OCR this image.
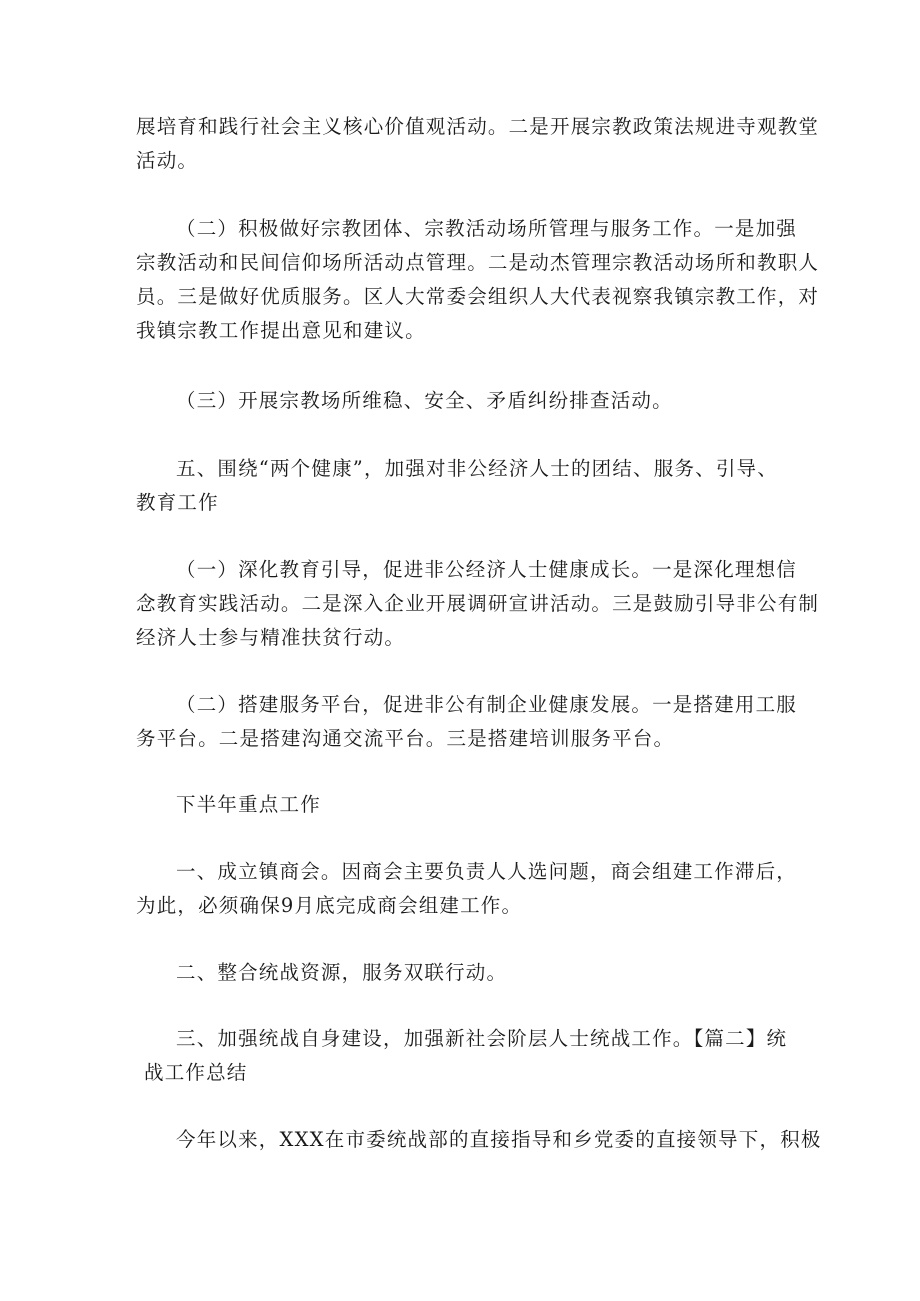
展培育和践行社会主义核心价值观活动。二是开展宗教政策法规进寺观教堂
活动。
（二）积极做好宗教团体、宗教活动场所管理与服务工作。一是加强
宗教活动和民间信仰场所活动点管理。二是动杰管理宗教活动场所和教职人
员。三是做好优质服务。区人大常委会组织人大代表视察我镇宗教工作，对
我镇宗教工作提出意见和建议。
（三）开展宗教场所维稳、安全、矛盾纠纷排查活动。
五、围绕“两个健康”，加强对非公经济人士的团结、服务、引导、
教育工作
（一）深化教育引导，促进非公经济人士健康成长。一是深化理想信
念教育实践活动。二是深入企业开展调研宣讲活动。三是鼓励引导非公有制
经济人士参与精准扶贫行动。
（二）搭建服务平台，促进非公有制企业健康发展。一是搭建用工服
务平台。二是搭建沟通交流平台。三是搭建培训服务平台。
下半年重点工作
一、成立镇商会。因商会主要负责人人选问题，商会组建工作滞后，
为此，必须确保9月底完成商会组建工作。
二、整合统战资源，服务双联行动。
三、加强统战自身建设，加强新社会阶层人士统战工作。【篇二】统
战工作总结
今年以来，XXX在市委统战部的直接指导和乡党委的直接领导下，积极
